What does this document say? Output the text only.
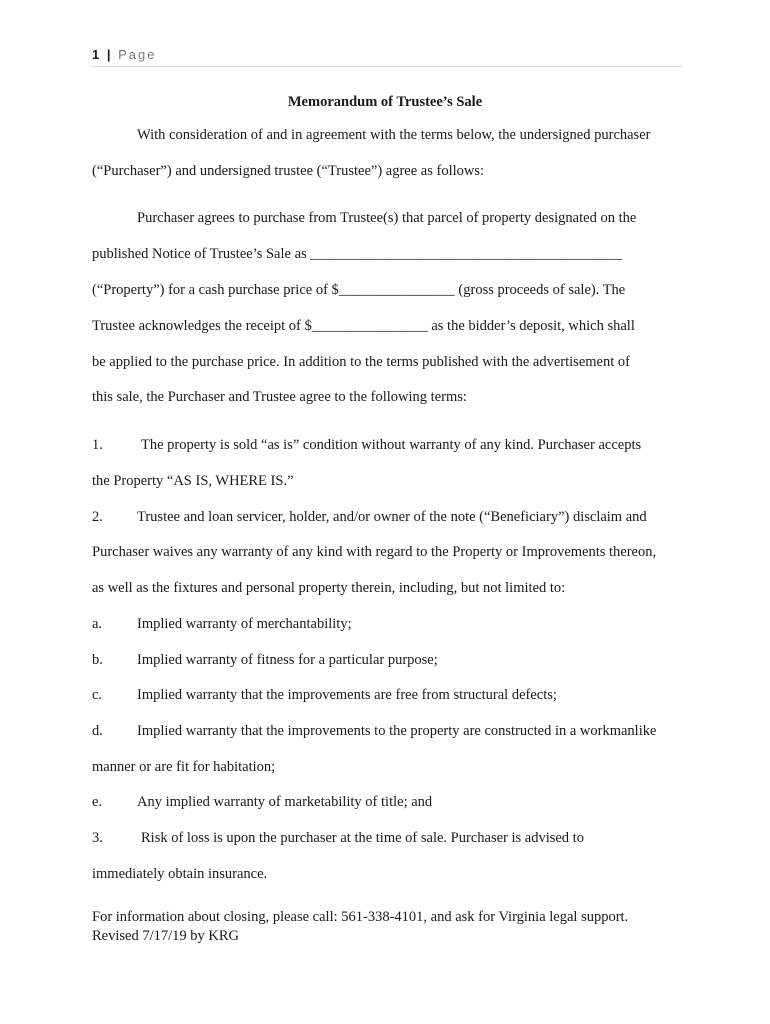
1 | Page
Memorandum of Trustee’s Sale
With consideration of and in agreement with the terms below, the undersigned purchaser
(“Purchaser”) and undersigned trustee (“Trustee”) agree as follows:
Purchaser agrees to purchase from Trustee(s) that parcel of property designated on the
published Notice of Trustee’s Sale as ___________________________________________
(“Property”) for a cash purchase price of $________________ (gross proceeds of sale). The
Trustee acknowledges the receipt of $________________ as the bidder’s deposit, which shall
be applied to the purchase price. In addition to the terms published with the advertisement of
this sale, the Purchaser and Trustee agree to the following terms:
1.	The property is sold “as is” condition without warranty of any kind. Purchaser accepts
the Property “AS IS, WHERE IS.”
2. Trustee and loan servicer, holder, and/or owner of the note (“Beneficiary”) disclaim and
Purchaser waives any warranty of any kind with regard to the Property or Improvements thereon,
as well as the fixtures and personal property therein, including, but not limited to:
a. Implied warranty of merchantability;
b. Implied warranty of fitness for a particular purpose;
c. Implied warranty that the improvements are free from structural defects;
d. Implied warranty that the improvements to the property are constructed in a workmanlike
manner or are fit for habitation;
e. Any implied warranty of marketability of title; and
3.	Risk of loss is upon the purchaser at the time of sale. Purchaser is advised to
immediately obtain insurance.
For information about closing, please call: 561-338-4101, and ask for Virginia legal support.
Revised 7/17/19 by KRG
